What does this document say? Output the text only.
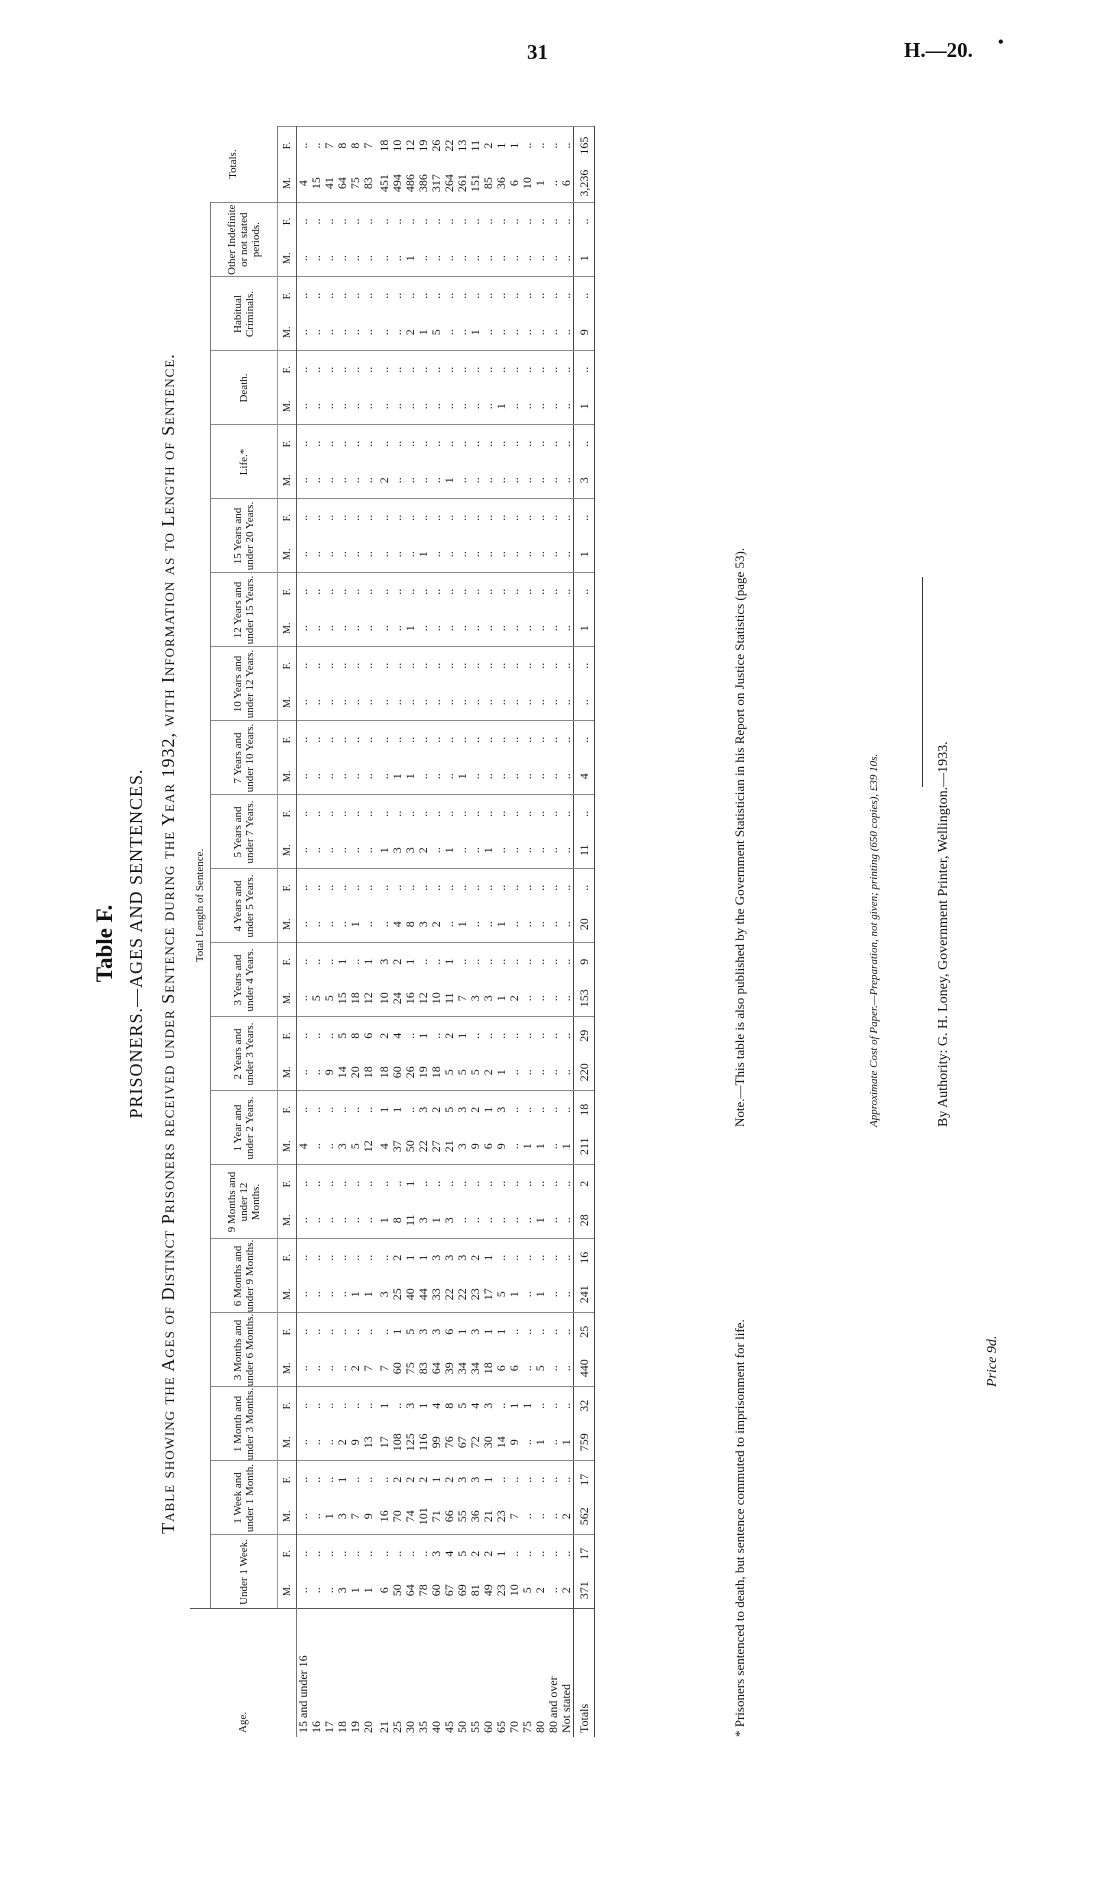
31	H.—20. •
Table F. PRISONERS.—AGES AND SENTENCES. Table showing the Ages of Distinct Prisoners received under Sentence during the Year 1932, with Information as to Length of Sentence.
Age.	Total Length of Sentence.																																						Totals.	
	Under 1 Week.		1 Week and under 1 Month.		1 Month and under 3 Months.		3 Months and under 6 Months.		6 Months and under 9 Months.		9 Months and under 12 Months.		1 Year and under 2 Years.		2 Years and under 3 Years.		3 Years and under 4 Years.		4 Years and under 5 Years.		5 Years and under 7 Years.		7 Years and under 10 Years.		10 Years and under 12 Years.		12 Years and under 15 Years.		15 Years and under 20 Years.		Life.*		Death.		Habitual Criminals.		Other Indefinite or not stated periods.			
	M.	F.	M.	F.	M.	F.	M.	F.	M.	F.	M.	F.	M.	F.	M.	F.	M.	F.	M.	F.	M.	F.	M.	F.	M.	F.	M.	F.	M.	F.	M.	F.	M.	F.	M.	F.	M.	F.	M.	F.
15 and under 16	..	..	..	..	..	..	..	..	..	..	..	..	4	..	..	..	..	..	..	..	..	..	..	..	..	..	..	..	..	..	..	..	..	..	..	..	..	..	4	..
16	..	..	..	..	..	..	..	..	..	..	..	..	..	..	..	..	5	..	..	..	..	..	..	..	..	..	..	..	..	..	..	..	..	..	..	..	..	..	15	..
17	..	..	1	..	..	..	..	..	..	..	..	..	..	..	9	..	5	..	..	..	..	..	..	..	..	..	..	..	..	..	..	..	..	..	..	..	..	..	41	7
18	3	..	3	1	2	..	..	..	..	..	..	..	3	..	14	5	15	1	..	..	..	..	..	..	..	..	..	..	..	..	..	..	..	..	..	..	..	..	64	8
19	1	..	7	..	9	..	2	..	1	..	..	..	5	..	20	8	18	..	1	..	..	..	..	..	..	..	..	..	..	..	..	..	..	..	..	..	..	..	75	8
20	1	..	9	..	13	..	7	..	1	..	..	..	12	..	18	6	12	1	..	..	..	..	..	..	..	..	..	..	..	..	..	..	..	..	..	..	..	..	83	7
21	6	..	16	..	17	1	7	..	3	..	1	..	4	1	18	2	10	3	..	..	1	..	..	..	..	..	..	..	..	..	2	..	..	..	..	..	..	..	451	18
25	50	..	70	2	108	..	60	1	25	2	8	..	37	1	60	4	24	2	4	..	3	..	1	..	..	..	..	..	..	..	..	..	..	..	..	..	..	..	494	10
30	64	..	74	2	125	3	75	5	40	1	11	1	50	..	26	..	16	1	8	..	3	..	1	..	..	..	1	..	..	..	..	..	..	..	2	..	1	..	486	12
35	78	..	101	2	116	1	83	3	44	1	3	..	22	3	19	1	12	..	3	..	2	..	..	..	..	..	..	..	1	..	..	..	..	..	1	..	..	..	386	19
40	60	3	71	1	99	4	64	3	33	3	1	..	27	2	18	..	10	..	2	..	..	..	..	..	..	..	..	..	..	..	..	..	..	..	5	..	..	..	317	26
45	67	4	66	2	76	8	39	6	22	3	3	..	21	5	5	2	11	1	..	..	1	..	..	..	..	..	..	..	..	..	1	..	..	..	..	..	..	..	264	22
50	69	5	55	3	67	5	34	1	22	3	..	..	3	3	5	1	7	..	1	..	..	..	1	..	..	..	..	..	..	..	..	..	..	..	..	..	..	..	261	13
55	81	2	36	3	72	4	34	3	23	2	..	..	9	2	5	..	3	..	..	..	..	..	..	..	..	..	..	..	..	..	..	..	..	..	1	..	..	..	151	11
60	49	2	21	1	30	3	18	1	17	1	..	..	6	1	2	..	3	..	..	..	1	..	..	..	..	..	..	..	..	..	..	..	..	..	..	..	..	..	85	2
65	23	1	23	..	14	..	6	1	5	..	..	..	9	3	1	..	1	..	1	..	..	..	..	..	..	..	..	..	..	..	..	..	1	..	..	..	..	..	36	1
70	10	..	7	..	9	1	6	..	1	..	..	..	..	..	..	..	2	..	..	..	..	..	..	..	..	..	..	..	..	..	..	..	..	..	..	..	..	..	6	1
75	5	..	..	..	..	1	..	..	..	..	..	..	1	..	..	..	..	..	..	..	..	..	..	..	..	..	..	..	..	..	..	..	..	..	..	..	..	..	10	..
80	2	..	..	..	1	..	5	..	1	..	1	..	1	..	..	..	..	..	..	..	..	..	..	..	..	..	..	..	..	..	..	..	..	..	..	..	..	..	1	..
80 and over	..	..	..	..	..	..	..	..	..	..	..	..	..	..	..	..	..	..	..	..	..	..	..	..	..	..	..	..	..	..	..	..	..	..	..	..	..	..	..	..
Not stated	2	..	2	..	1	..	..	..	..	..	..	..	1	..	..	..	..	..	..	..	..	..	..	..	..	..	..	..	..	..	..	..	..	..	..	..	..	..	6	..
Totals	371	17	562	17	759	32	440	25	241	16	28	2	211	18	220	29	153	9	20	..	11	..	4	..	..	..	1	..	1	..	3	..	1	..	9	..	1	..	3,236	165
* Prisoners sentenced to death, but sentence commuted to imprisonment for life.
Note.—This table is also published by the Government Statistician in his Report on Justice Statistics (page 53).	Approximate Cost of Paper.—Preparation, not given; printing (650 copies), £39 10s.	By Authority: G. H. Loney, Government Printer, Wellington.—1933.
Price 9d.
